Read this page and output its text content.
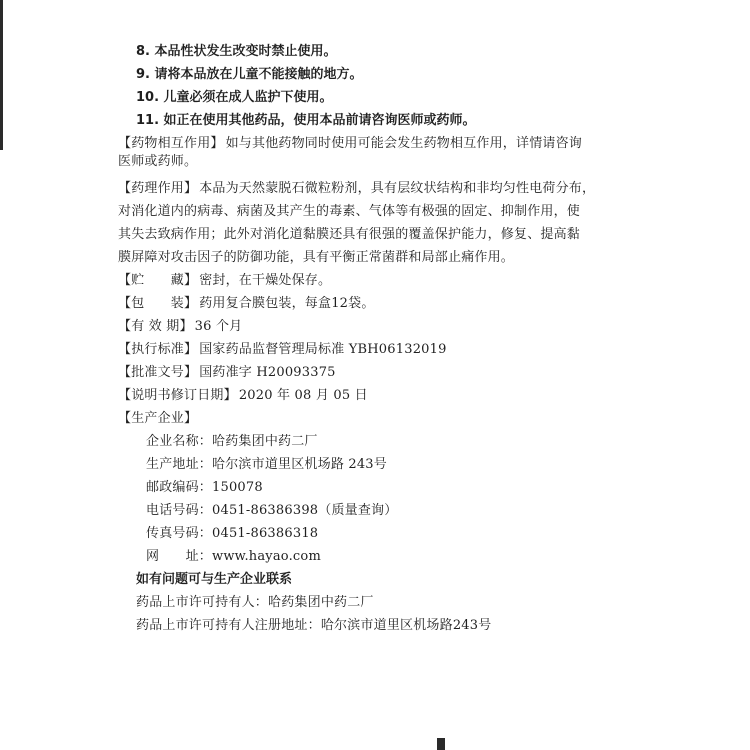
8. 本品性状发生改变时禁止使用。
9. 请将本品放在儿童不能接触的地方。
10. 儿童必须在成人监护下使用。
11. 如正在使用其他药品，使用本品前请咨询医师或药师。
【药物相互作用】 如与其他药物同时使用可能会发生药物相互作用，详情请咨询
医师或药师。
【药理作用】 本品为天然蒙脱石微粒粉剂，具有层纹状结构和非均匀性电荷分布，
对消化道内的病毒、病菌及其产生的毒素、气体等有极强的固定、抑制作用，使
其失去致病作用；此外对消化道黏膜还具有很强的覆盖保护能力，修复、提高黏
膜屏障对攻击因子的防御功能，具有平衡正常菌群和局部止痛作用。
【贮　　藏】 密封，在干燥处保存。
【包　　装】 药用复合膜包装，每盒12袋。
【有 效 期】 36 个月
【执行标准】 国家药品监督管理局标准 YBH06132019
【批准文号】 国药准字 H20093375
【说明书修订日期】 2020 年 08 月 05 日
【生产企业】
企业名称：哈药集团中药二厂
生产地址：哈尔滨市道里区机场路 243号
邮政编码：150078
电话号码：0451-86386398（质量查询）
传真号码：0451-86386318
网　　址：www.hayao.com
如有问题可与生产企业联系
药品上市许可持有人：哈药集团中药二厂
药品上市许可持有人注册地址：哈尔滨市道里区机场路243号
